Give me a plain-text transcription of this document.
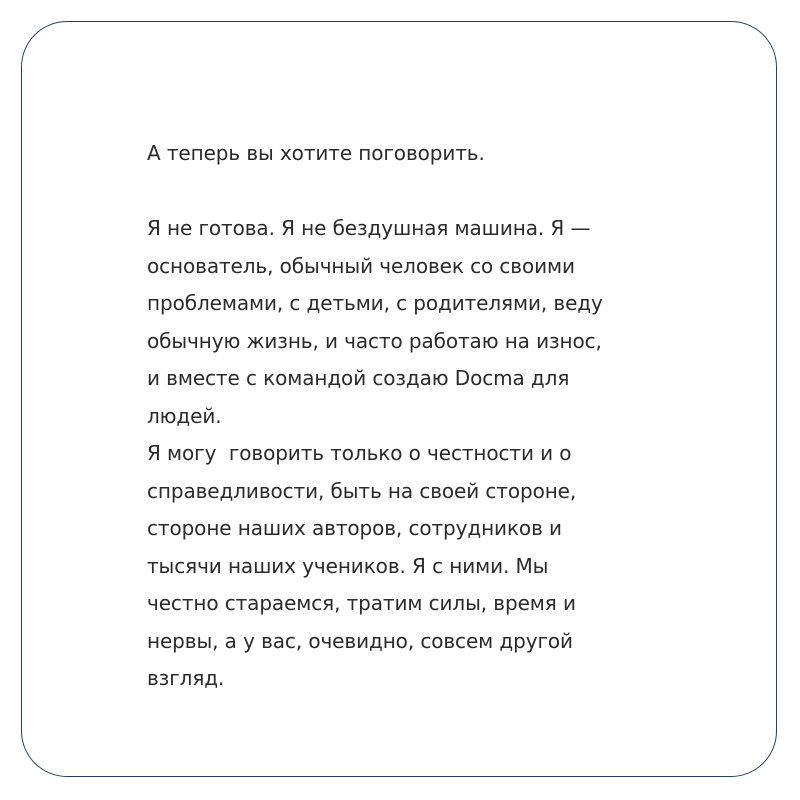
А теперь вы хотите поговорить.
Я не готова. Я не бездушная машина. Я —
основатель, обычный человек со своими
проблемами, с детьми, с родителями, веду
обычную жизнь, и часто работаю на износ,
и вместе с командой создаю Docma для
людей.
Я могу  говорить только о честности и о
справедливости, быть на своей стороне,
стороне наших авторов, сотрудников и
тысячи наших учеников. Я с ними. Мы
честно стараемся, тратим силы, время и
нервы, а у вас, очевидно, совсем другой
взгляд.
